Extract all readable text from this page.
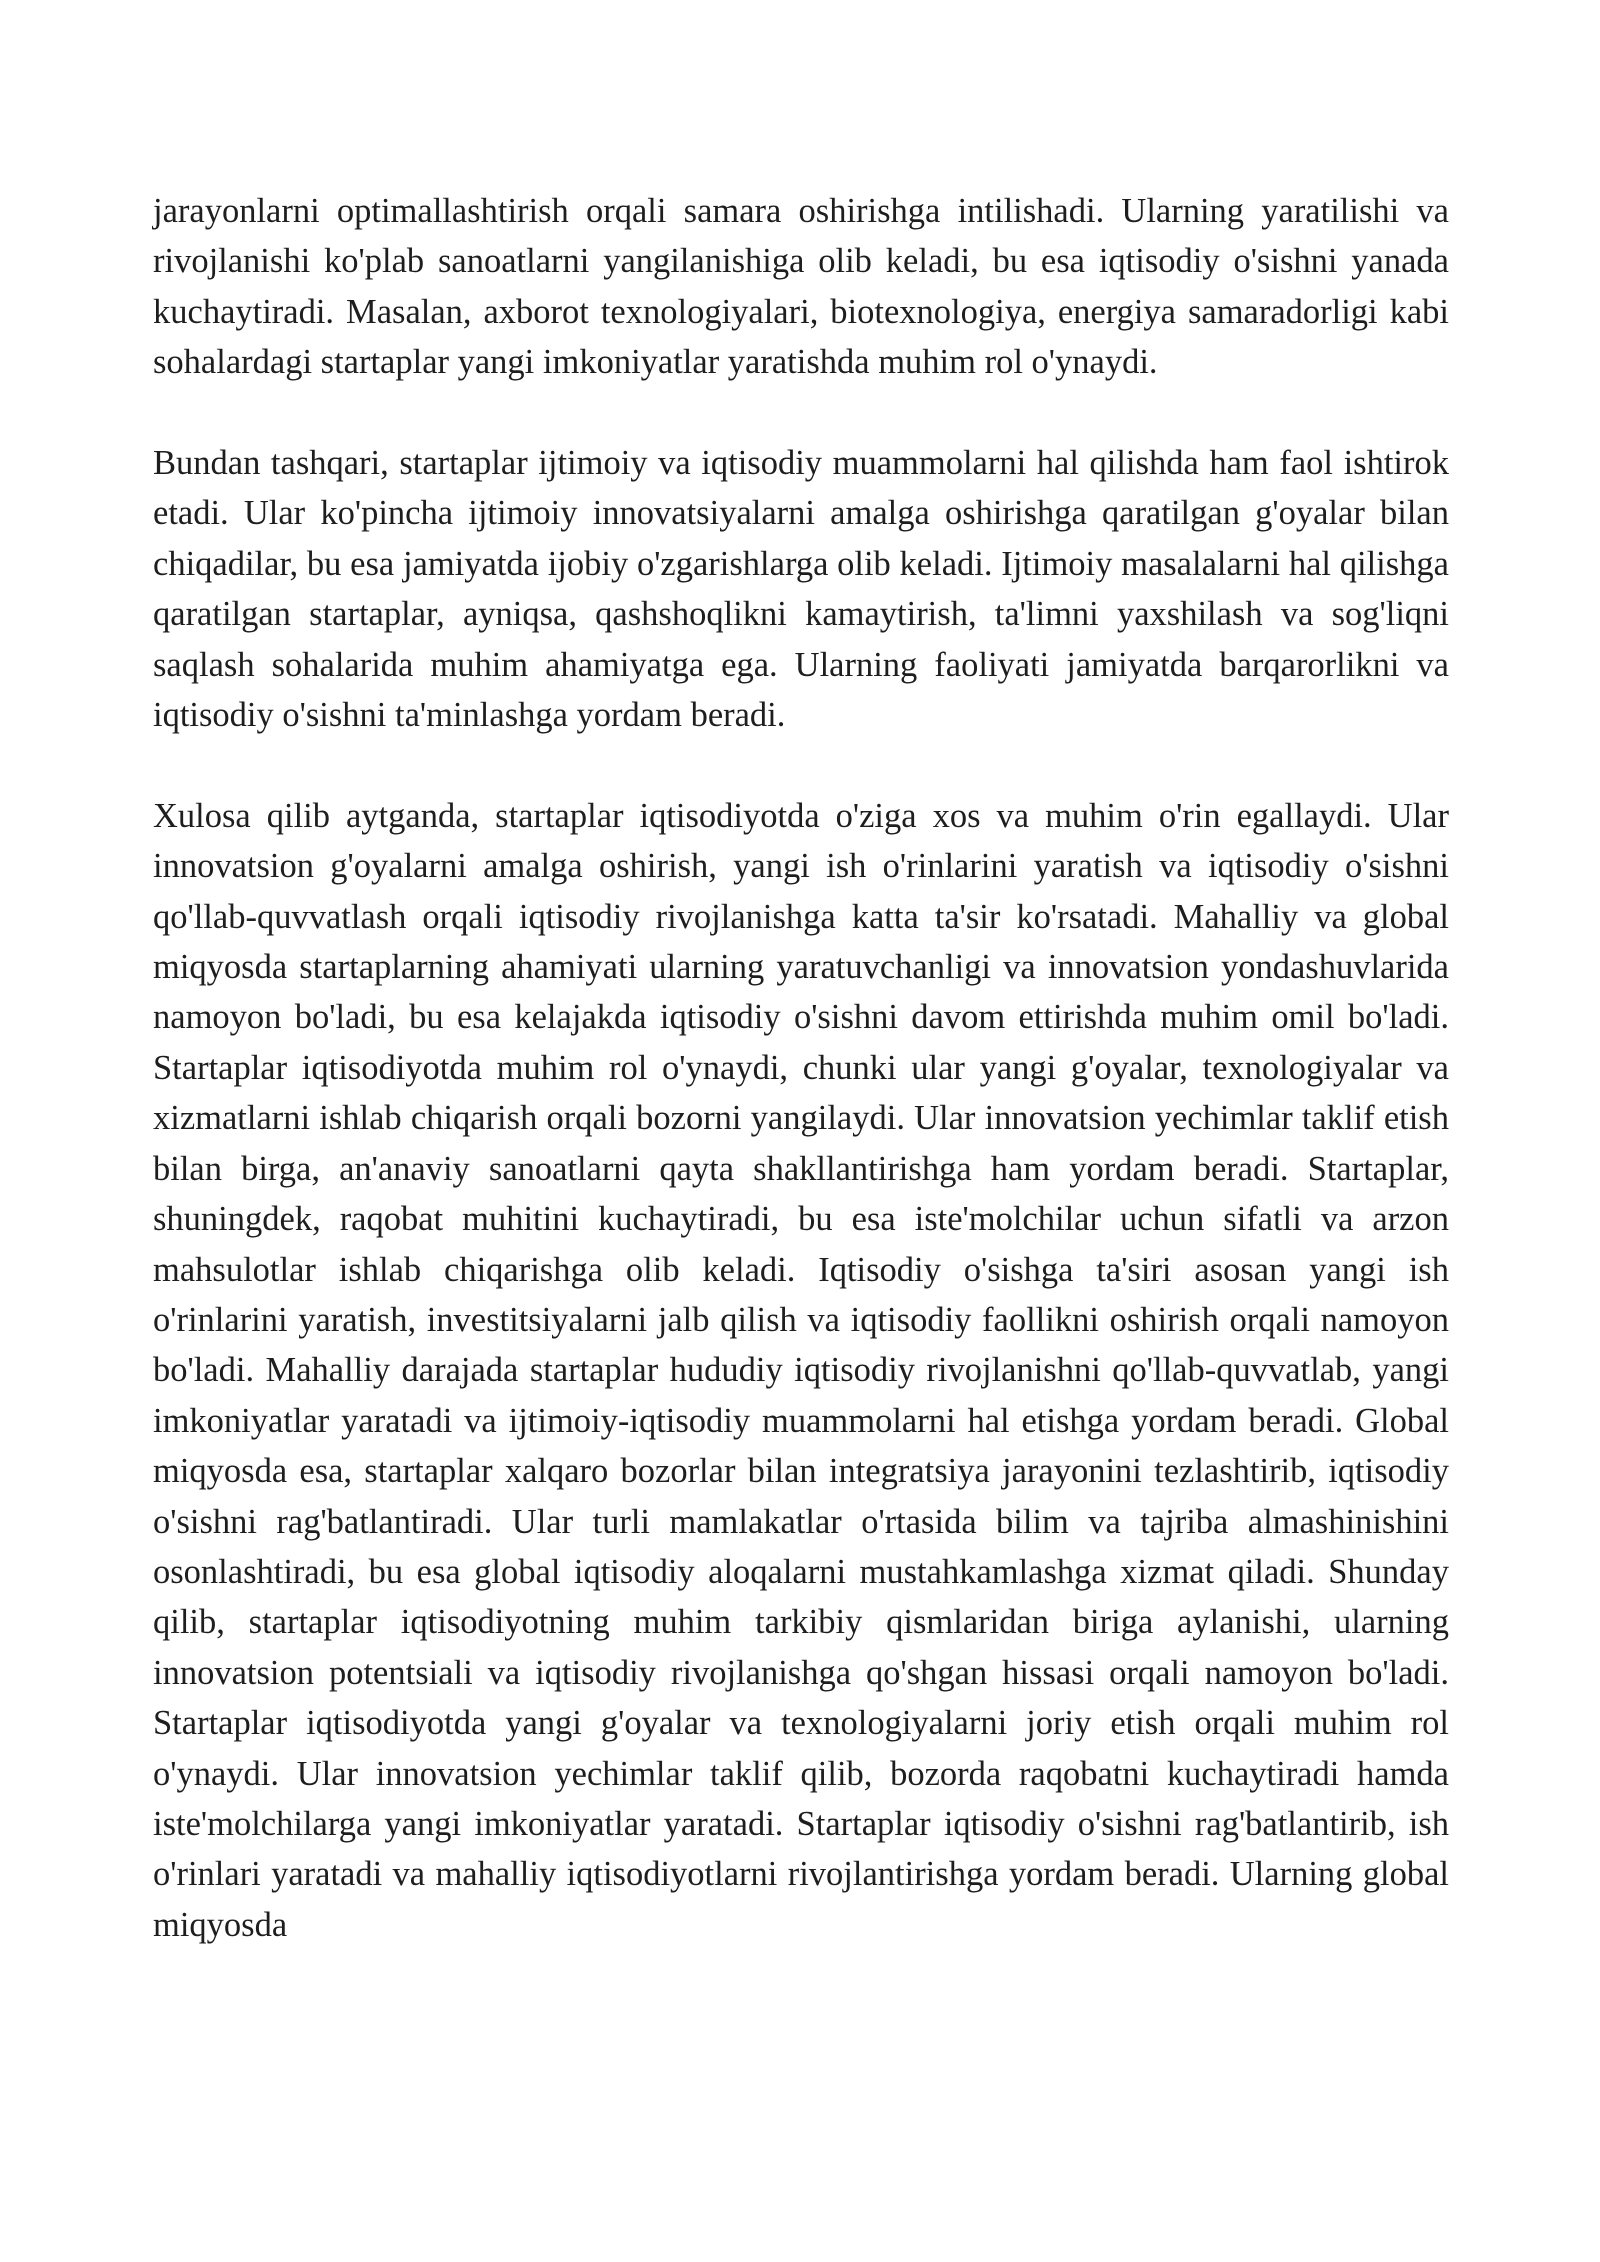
jarayonlarni optimallashtirish orqali samara oshirishga intilishadi. Ularning yaratilishi va rivojlanishi ko'plab sanoatlarni yangilanishiga olib keladi, bu esa iqtisodiy o'sishni yanada kuchaytiradi. Masalan, axborot texnologiyalari, biotexnologiya, energiya samaradorligi kabi sohalardagi startaplar yangi imkoniyatlar yaratishda muhim rol o'ynaydi.

Bundan tashqari, startaplar ijtimoiy va iqtisodiy muammolarni hal qilishda ham faol ishtirok etadi. Ular ko'pincha ijtimoiy innovatsiyalarni amalga oshirishga qaratilgan g'oyalar bilan chiqadilar, bu esa jamiyatda ijobiy o'zgarishlarga olib keladi. Ijtimoiy masalalarni hal qilishga qaratilgan startaplar, ayniqsa, qashshoqlikni kamaytirish, ta'limni yaxshilash va sog'liqni saqlash sohalarida muhim ahamiyatga ega. Ularning faoliyati jamiyatda barqarorlikni va iqtisodiy o'sishni ta'minlashga yordam beradi.

Xulosa qilib aytganda, startaplar iqtisodiyotda o'ziga xos va muhim o'rin egallaydi. Ular innovatsion g'oyalarni amalga oshirish, yangi ish o'rinlarini yaratish va iqtisodiy o'sishni qo'llab-quvvatlash orqali iqtisodiy rivojlanishga katta ta'sir ko'rsatadi. Mahalliy va global miqyosda startaplarning ahamiyati ularning yaratuvchanligi va innovatsion yondashuvlarida namoyon bo'ladi, bu esa kelajakda iqtisodiy o'sishni davom ettirishda muhim omil bo'ladi. Startaplar iqtisodiyotda muhim rol o'ynaydi, chunki ular yangi g'oyalar, texnologiyalar va xizmatlarni ishlab chiqarish orqali bozorni yangilaydi. Ular innovatsion yechimlar taklif etish bilan birga, an'anaviy sanoatlarni qayta shakllantirishga ham yordam beradi. Startaplar, shuningdek, raqobat muhitini kuchaytiradi, bu esa iste'molchilar uchun sifatli va arzon mahsulotlar ishlab chiqarishga olib keladi. Iqtisodiy o'sishga ta'siri asosan yangi ish o'rinlarini yaratish, investitsiyalarni jalb qilish va iqtisodiy faollikni oshirish orqali namoyon bo'ladi. Mahalliy darajada startaplar hududiy iqtisodiy rivojlanishni qo'llab-quvvatlab, yangi imkoniyatlar yaratadi va ijtimoiy-iqtisodiy muammolarni hal etishga yordam beradi. Global miqyosda esa, startaplar xalqaro bozorlar bilan integratsiya jarayonini tezlashtirib, iqtisodiy o'sishni rag'batlantiradi. Ular turli mamlakatlar o'rtasida bilim va tajriba almashinishini osonlashtiradi, bu esa global iqtisodiy aloqalarni mustahkamlashga xizmat qiladi. Shunday qilib, startaplar iqtisodiyotning muhim tarkibiy qismlaridan biriga aylanishi, ularning innovatsion potentsiali va iqtisodiy rivojlanishga qo'shgan hissasi orqali namoyon bo'ladi. Startaplar iqtisodiyotda yangi g'oyalar va texnologiyalarni joriy etish orqali muhim rol o'ynaydi. Ular innovatsion yechimlar taklif qilib, bozorda raqobatni kuchaytiradi hamda iste'molchilarga yangi imkoniyatlar yaratadi. Startaplar iqtisodiy o'sishni rag'batlantirib, ish o'rinlari yaratadi va mahalliy iqtisodiyotlarni rivojlantirishga yordam beradi. Ularning global miqyosda
